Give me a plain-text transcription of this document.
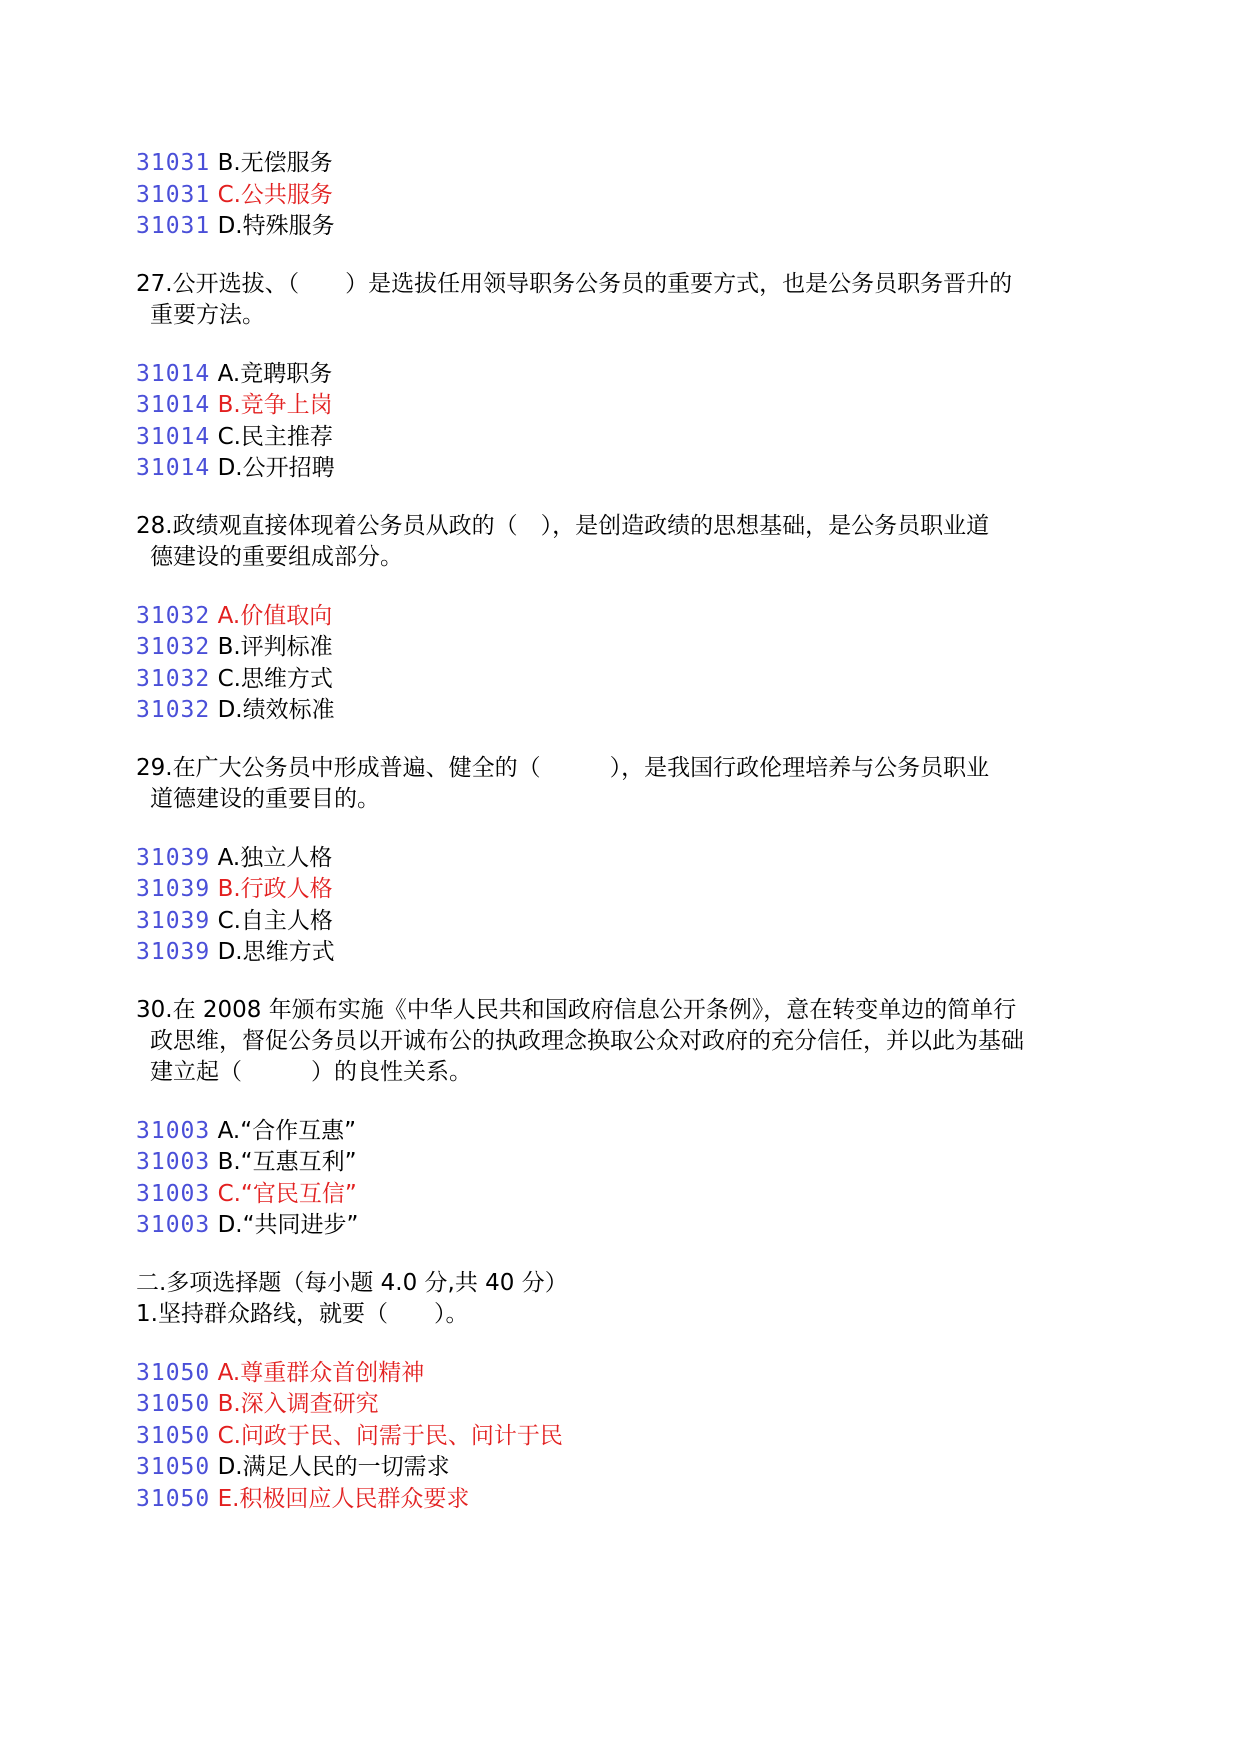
31031 B.无偿服务
31031 C.公共服务
31031 D.特殊服务
27.公开选拔、（　　）是选拔任用领导职务公务员的重要方式，也是公务员职务晋升的
重要方法。
31014 A.竞聘职务
31014 B.竞争上岗
31014 C.民主推荐
31014 D.公开招聘
28.政绩观直接体现着公务员从政的（　），是创造政绩的思想基础，是公务员职业道
德建设的重要组成部分。
31032 A.价值取向
31032 B.评判标准
31032 C.思维方式
31032 D.绩效标准
29.在广大公务员中形成普遍、健全的（　　　），是我国行政伦理培养与公务员职业
道德建设的重要目的。
31039 A.独立人格
31039 B.行政人格
31039 C.自主人格
31039 D.思维方式
30.在 2008 年颁布实施《中华人民共和国政府信息公开条例》，意在转变单边的简单行
政思维，督促公务员以开诚布公的执政理念换取公众对政府的充分信任，并以此为基础
建立起（　　　）的良性关系。
31003 A.“合作互惠”
31003 B.“互惠互利”
31003 C.“官民互信”
31003 D.“共同进步”
二.多项选择题（每小题 4.0 分,共 40 分）
1.坚持群众路线，就要（　　）。
31050 A.尊重群众首创精神
31050 B.深入调查研究
31050 C.问政于民、问需于民、问计于民
31050 D.满足人民的一切需求
31050 E.积极回应人民群众要求
